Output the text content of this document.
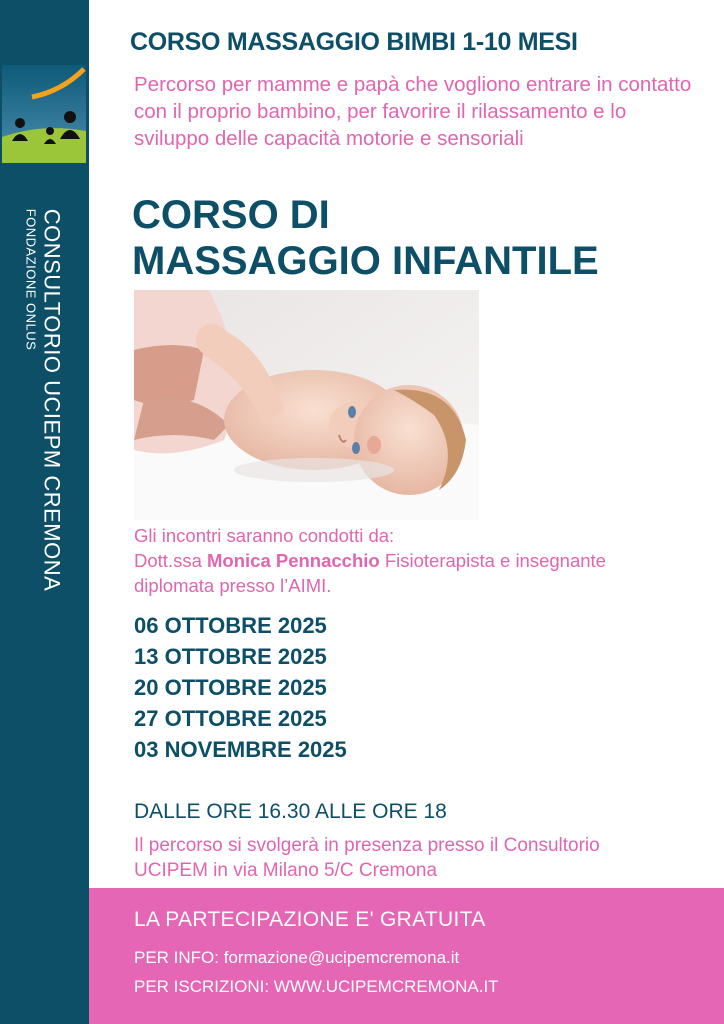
CONSULTORIO UCIEPM CREMONA
FONDAZIONE ONLUS
CORSO MASSAGGIO BIMBI 1-10 MESI

Percorso per mamme e papà che vogliono entrare in contatto con il proprio bambino, per favorire il rilassamento e lo sviluppo delle capacità motorie e sensoriali

CORSO DI
MASSAGGIO INFANTILE

Gli incontri saranno condotti da:
Dott.ssa Monica Pennacchio Fisioterapista e insegnante diplomata presso l’AIMI.

06 OTTOBRE 2025
13 OTTOBRE 2025
20 OTTOBRE 2025
27 OTTOBRE 2025
03 NOVEMBRE 2025
DALLE ORE 16.30 ALLE ORE 18

Il percorso si svolgerà in presenza presso il Consultorio UCIPEM in via Milano 5/C Cremona

LA PARTECIPAZIONE E' GRATUITA
PER INFO: formazione@ucipemcremona.it
PER ISCRIZIONI: WWW.UCIPEMCREMONA.IT
